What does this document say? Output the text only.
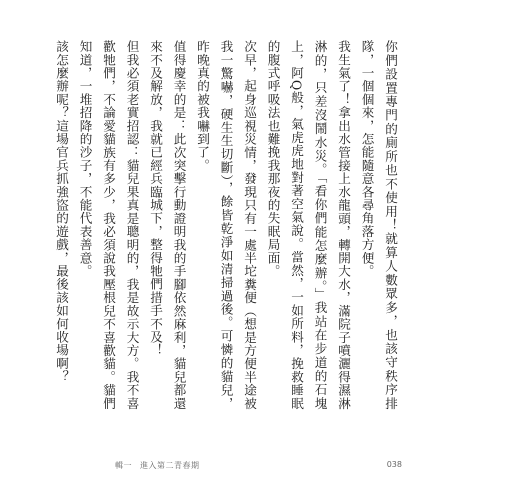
你們設置專門的廁所也不使用！就算人數眾多，也該守秩序排隊，一個個來，怎能隨意各尋角落方便。

我生氣了！拿出水管接上水龍頭，轉開大水，滿院子噴灑得濕淋淋的，只差沒鬧水災。「看你們能怎麼辦。」我站在步道的石塊上，阿Q般，氣虎虎地對著空氣說。當然，一如所料，挽救睡眠的腹式呼吸法也難挽我那夜的失眠局面。

次早，起身巡視災情，發現只有一處半坨糞便（想是方便半途被我一驚嚇，硬生生切斷），餘皆乾淨如清掃過後。可憐的貓兒，昨晚真的被我嚇到了。

值得慶幸的是：此次突擊行動證明我的手腳依然麻利，貓兒都還來不及解放，我就已經兵臨城下，整得牠們措手不及！

但我必須老實招認：貓兒果真是聰明的，我是故示大方。我不喜歡牠們，不論愛貓族有多少，我必須說我壓根兒不喜歡貓。貓們知道，一堆招降的沙子，不能代表善意。

該怎麼辦呢？這場官兵抓強盜的遊戲，最後該如何收場啊？

輯一 進入第二青春期	038
